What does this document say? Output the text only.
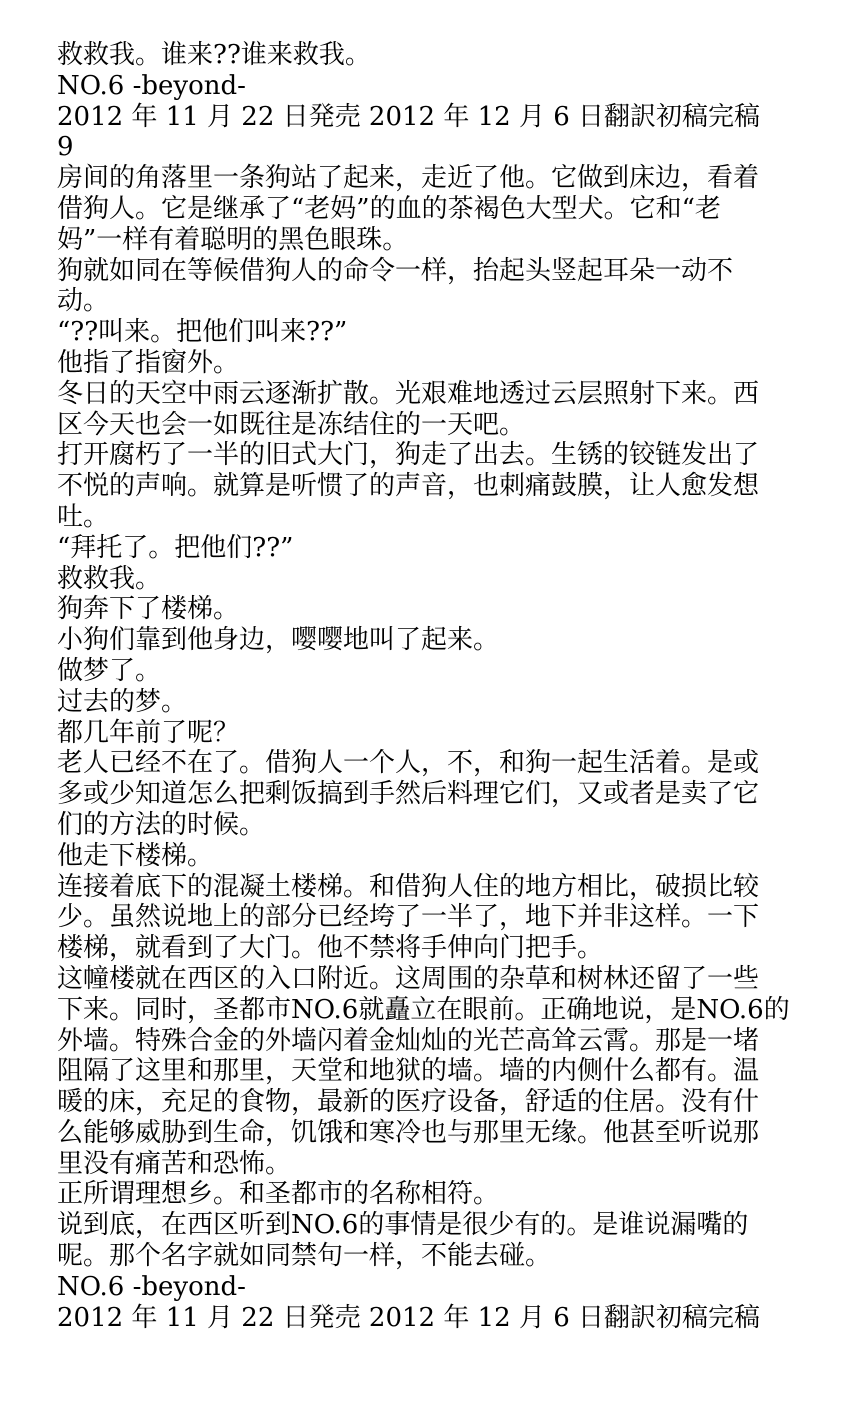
救救我。谁来??谁来救我。
NO.6 -beyond-
2012 年 11 月 22 日発売 2012 年 12 月 6 日翻訳初稿完稿
9
房间的角落里一条狗站了起来，走近了他。它做到床边，看着
借狗人。它是继承了“老妈”的血的茶褐色大型犬。它和“老
妈”一样有着聪明的黑色眼珠。
狗就如同在等候借狗人的命令一样，抬起头竖起耳朵一动不
动。
“??叫来。把他们叫来??”
他指了指窗外。
冬日的天空中雨云逐渐扩散。光艰难地透过云层照射下来。西
区今天也会一如既往是冻结住的一天吧。
打开腐朽了一半的旧式大门，狗走了出去。生锈的铰链发出了
不悦的声响。就算是听惯了的声音，也刺痛鼓膜，让人愈发想
吐。
“拜托了。把他们??”
救救我。
狗奔下了楼梯。
小狗们靠到他身边，嘤嘤地叫了起来。
做梦了。
过去的梦。
都几年前了呢？
老人已经不在了。借狗人一个人，不，和狗一起生活着。是或
多或少知道怎么把剩饭搞到手然后料理它们，又或者是卖了它
们的方法的时候。
他走下楼梯。
连接着底下的混凝土楼梯。和借狗人住的地方相比，破损比较
少。虽然说地上的部分已经垮了一半了，地下并非这样。一下
楼梯，就看到了大门。他不禁将手伸向门把手。
这幢楼就在西区的入口附近。这周围的杂草和树林还留了一些
下来。同时，圣都市NO.6就矗立在眼前。正确地说，是NO.6的
外墙。特殊合金的外墙闪着金灿灿的光芒高耸云霄。那是一堵
阻隔了这里和那里，天堂和地狱的墙。墙的内侧什么都有。温
暖的床，充足的食物，最新的医疗设备，舒适的住居。没有什
么能够威胁到生命，饥饿和寒冷也与那里无缘。他甚至听说那
里没有痛苦和恐怖。
正所谓理想乡。和圣都市的名称相符。
说到底，在西区听到NO.6的事情是很少有的。是谁说漏嘴的
呢。那个名字就如同禁句一样，不能去碰。
NO.6 -beyond-
2012 年 11 月 22 日発売 2012 年 12 月 6 日翻訳初稿完稿
